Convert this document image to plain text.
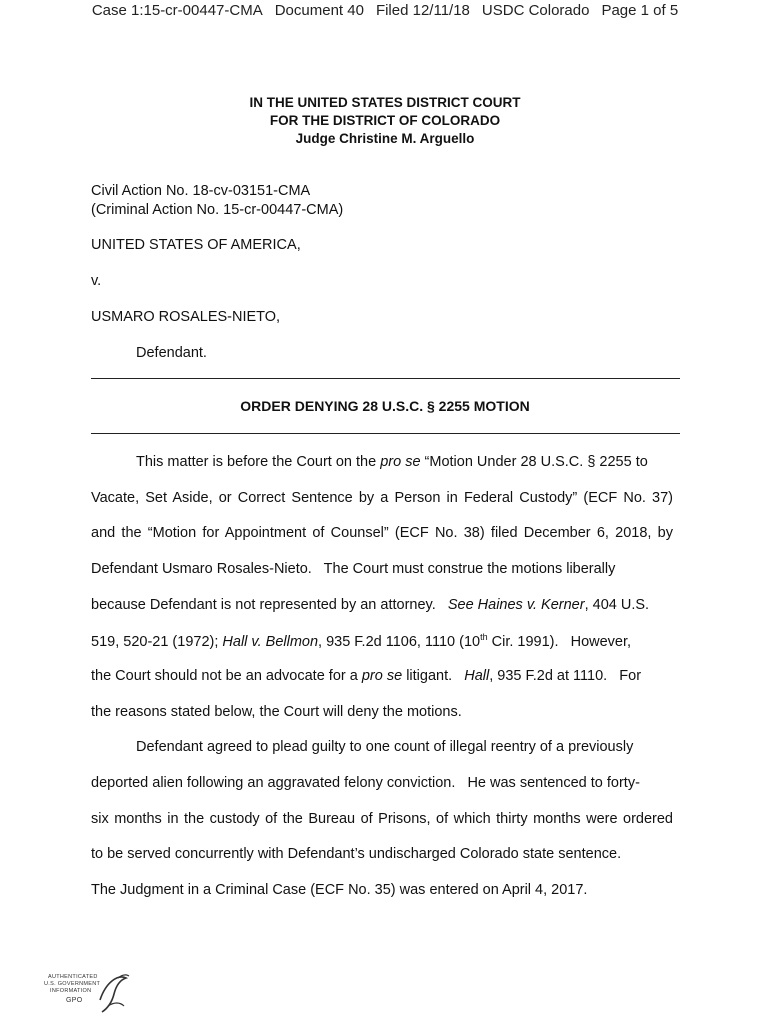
Case 1:15-cr-00447-CMA Document 40 Filed 12/11/18 USDC Colorado Page 1 of 5
IN THE UNITED STATES DISTRICT COURT
FOR THE DISTRICT OF COLORADO
Judge Christine M. Arguello
Civil Action No. 18-cv-03151-CMA
(Criminal Action No. 15-cr-00447-CMA)
UNITED STATES OF AMERICA,
v.
USMARO ROSALES-NIETO,
Defendant.
ORDER DENYING 28 U.S.C. § 2255 MOTION
This matter is before the Court on the pro se “Motion Under 28 U.S.C. § 2255 to
Vacate, Set Aside, or Correct Sentence by a Person in Federal Custody” (ECF No. 37)
and the “Motion for Appointment of Counsel” (ECF No. 38) filed December 6, 2018, by
Defendant Usmaro Rosales-Nieto.   The Court must construe the motions liberally
because Defendant is not represented by an attorney.   See Haines v. Kerner, 404 U.S.
519, 520-21 (1972); Hall v. Bellmon, 935 F.2d 1106, 1110 (10th Cir. 1991).   However,
the Court should not be an advocate for a pro se litigant.   Hall, 935 F.2d at 1110.   For
the reasons stated below, the Court will deny the motions.
Defendant agreed to plead guilty to one count of illegal reentry of a previously
deported alien following an aggravated felony conviction.   He was sentenced to forty-
six months in the custody of the Bureau of Prisons, of which thirty months were ordered
to be served concurrently with Defendant’s undischarged Colorado state sentence.
The Judgment in a Criminal Case (ECF No. 35) was entered on April 4, 2017.
AUTHENTICATED
U.S. GOVERNMENT
INFORMATION
GPO
